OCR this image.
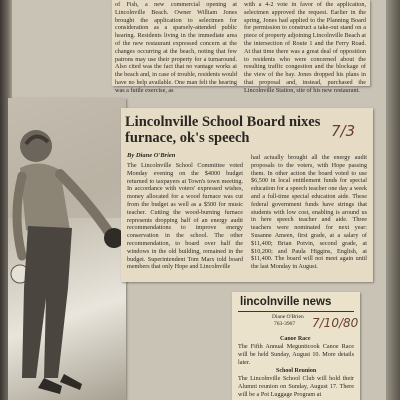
of Fish, a new commercial opening at Lincolnville Beach. Owner William Jones brought the application to selectmen for consideration as a sparsely-attended public hearing. Residents living in the immediate area of the new restaurant expressed concern at the changes occurring at the beach, noting that few patrons may use their property for a turnaround. Also cited was the fact that no vantage works at the beach and, in case of trouble, residents would have no help available. One man felt the hearing was a futile exercise, as

with a 4-2 vote in favor of the application, selectmen approved the request. Earlier in the spring, Jones had applied to the Planning Board for permission to construct a take-out stand on a piece of property adjoining Lincolnville Beach at the intersection of Route 1 and the Ferry Road. At that time there was a great deal of opposition to residents who were concerned about the resulting traffic congestion and the blockage of the view of the bay. Jones dropped his plans in that proposal and, instead, purchased the Lincolnville Station, site of his new restaurant.

Lincolnville School Board nixes furnace, ok's speech	7/3
By Diane O'Brien

The Lincolnville School Committee voted Monday evening on the $4000 budget returned to taxpayers at Town's town meeting. In accordance with voters' expressed wishes, money allocated for a wood furnace was cut from the budget as well as a $500 for music teacher. Cutting the wood-burning furnace represents dropping half of an energy audit recommendations to improve energy conservation in the school. The other recommendation, to board over half the windows in the old building, remained in the budget. Superintendent Tom Marx told board members that only Hope and Lincolnville

had actually brought all the energy audit proposals to the voters, with Hope passing them. In other action the board voted to use $6,500 in local entitlement funds for special education for a speech teacher one day a week and a full-time special education aide. These federal government funds have strings that students with low cost, enabling is around us in here speech teacher and aide. Three teachers were nominated for next year: Susanne Ameen, first grade, at a salary of $11,400; Brian Potvin, second grade, at $10,200; and Paula Higgins, English, at $11,400. The board will not meet again until the last Monday in August.

lincolnville news
Diane O'Brien
763-3967 7/10/80
Canoe Race

The Fifth Annual Megunticook Canoe Race will be held Sunday, August 10. More details later.

School Reunion

The Lincolnville School Club will hold their Alumni reunion on Sunday, August 17. There will be a Pot Luggage Program at
